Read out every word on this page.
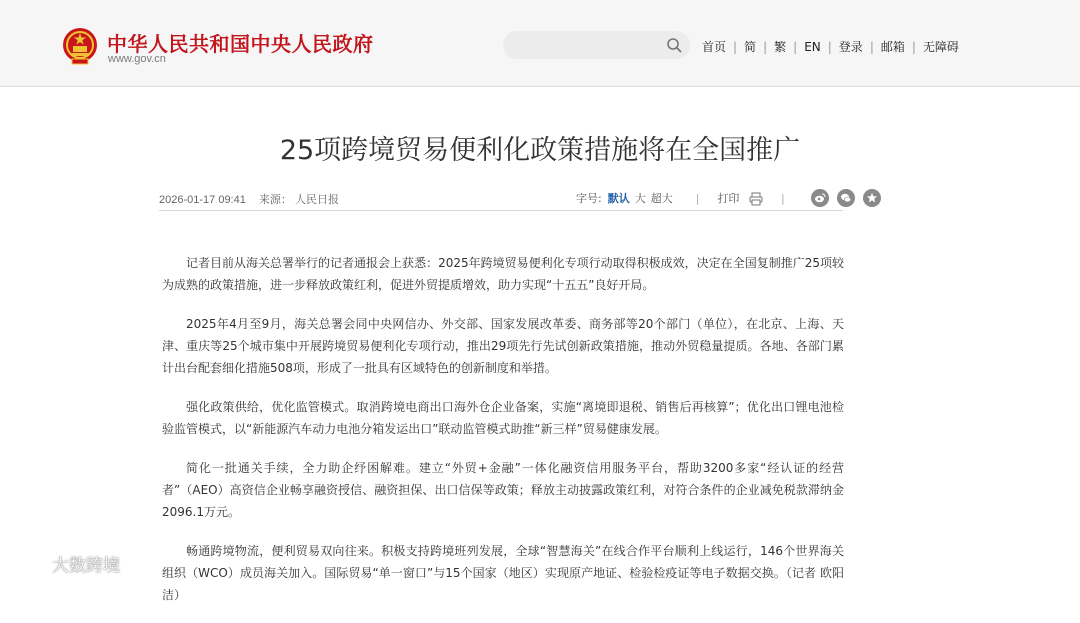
中华人民共和国中央人民政府
www.gov.cn
首页 | 简 | 繁 | EN | 登录 | 邮箱 | 无障碍
25项跨境贸易便利化政策措施将在全国推广
2026-01-17 09:41 来源： 人民日报	字号: 默认 大 超大 | 打印	|

记者目前从海关总署举行的记者通报会上获悉：2025年跨境贸易便利化专项行动取得积极成效，决定在全国复制推广25项较为成熟的政策措施，进一步释放政策红利，促进外贸提质增效，助力实现“十五五”良好开局。

2025年4月至9月，海关总署会同中央网信办、外交部、国家发展改革委、商务部等20个部门（单位），在北京、上海、天津、重庆等25个城市集中开展跨境贸易便利化专项行动，推出29项先行先试创新政策措施，推动外贸稳量提质。各地、各部门累计出台配套细化措施508项，形成了一批具有区域特色的创新制度和举措。

强化政策供给，优化监管模式。取消跨境电商出口海外仓企业备案，实施“离境即退税、销售后再核算”；优化出口锂电池检验监管模式，以“新能源汽车动力电池分箱发运出口”联动监管模式助推“新三样”贸易健康发展。

简化一批通关手续，全力助企纾困解难。建立“外贸+金融”一体化融资信用服务平台，帮助3200多家“经认证的经营者”（AEO）高资信企业畅享融资授信、融资担保、出口信保等政策；释放主动披露政策红利，对符合条件的企业减免税款滞纳金2096.1万元。

畅通跨境物流，便利贸易双向往来。积极支持跨境班列发展，全球“智慧海关”在线合作平台顺利上线运行，146个世界海关组织（WCO）成员海关加入。国际贸易“单一窗口”与15个国家（地区）实现原产地证、检验检疫证等电子数据交换。（记者 欧阳洁）

大数跨境
